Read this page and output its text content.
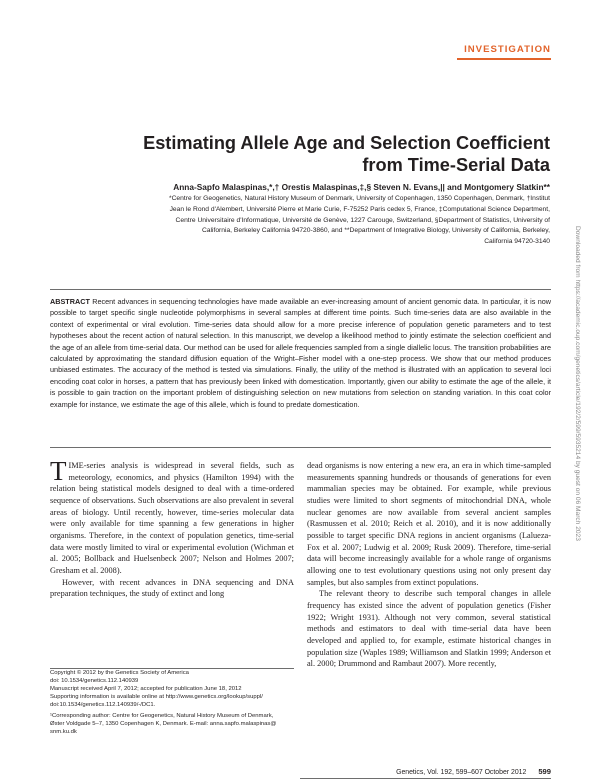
INVESTIGATION
Estimating Allele Age and Selection Coefficient
from Time-Serial Data
Anna-Sapfo Malaspinas,*,† Orestis Malaspinas,‡,§ Steven N. Evans,|| and Montgomery Slatkin**
*Centre for Geogenetics, Natural History Museum of Denmark, University of Copenhagen, 1350 Copenhagen, Denmark, †Institut
Jean le Rond d'Alembert, Université Pierre et Marie Curie, F-75252 Paris cedex 5, France, ‡Computational Science Department,
Centre Universitaire d'Informatique, Université de Genève, 1227 Carouge, Switzerland, §Department of Statistics, University of
California, Berkeley California 94720-3860, and **Department of Integrative Biology, University of California, Berkeley,
California 94720-3140	Downloaded from https://academic.oup.com/genetics/article/192/2/599/5935214 by guest on 06 March 2023

ABSTRACT Recent advances in sequencing technologies have made available an ever-increasing amount of ancient genomic data. In particular, it is now possible to target specific single nucleotide polymorphisms in several samples at different time points. Such time-series data are also available in the context of experimental or viral evolution. Time-series data should allow for a more precise inference of population genetic parameters and to test hypotheses about the recent action of natural selection. In this manuscript, we develop a likelihood method to jointly estimate the selection coefficient and the age of an allele from time-serial data. Our method can be used for allele frequencies sampled from a single diallelic locus. The transition probabilities are calculated by approximating the standard diffusion equation of the Wright–Fisher model with a one-step process. We show that our method produces unbiased estimates. The accuracy of the method is tested via simulations. Finally, the utility of the method is illustrated with an application to several loci encoding coat color in horses, a pattern that has previously been linked with domestication. Importantly, given our ability to estimate the age of the allele, it is possible to gain traction on the important problem of distinguishing selection on new mutations from selection on standing variation. In this coat color example for instance, we estimate the age of this allele, which is found to predate domestication.

TIME-series analysis is widespread in several fields, such as meteorology, economics, and physics (Hamilton 1994) with the relation being statistical models designed to deal with a time-ordered sequence of observations. Such observations are also prevalent in several areas of biology. Until recently, however, time-series molecular data were only available for time spanning a few generations in higher organisms. Therefore, in the context of population genetics, time-serial data were mostly limited to viral or experimental evolution (Wichman et al. 2005; Bollback and Huelsenbeck 2007; Nelson and Holmes 2007; Gresham et al. 2008).

However, with recent advances in DNA sequencing and DNA preparation techniques, the study of extinct and long

dead organisms is now entering a new era, an era in which time-sampled measurements spanning hundreds or thousands of generations for even mammalian species may be obtained. For example, while previous studies were limited to short segments of mitochondrial DNA, whole nuclear genomes are now available from several ancient samples (Rasmussen et al. 2010; Reich et al. 2010), and it is now additionally possible to target specific DNA regions in ancient organisms (Lalueza-Fox et al. 2007; Ludwig et al. 2009; Rusk 2009). Therefore, time-serial data will become increasingly available for a whole range of organisms allowing one to test evolutionary questions using not only present day samples, but also samples from extinct populations.

The relevant theory to describe such temporal changes in allele frequency has existed since the advent of population genetics (Fisher 1922; Wright 1931). Although not very common, several statistical methods and estimators to deal with time-serial data have been developed and applied to, for example, estimate historical changes in population size (Waples 1989; Williamson and Slatkin 1999; Anderson et al. 2000; Drummond and Rambaut 2007). More recently,

Copyright © 2012 by the Genetics Society of America
doi: 10.1534/genetics.112.140939
Manuscript received April 7, 2012; accepted for publication June 18, 2012
Supporting information is available online at http://www.genetics.org/lookup/suppl/
doi:10.1534/genetics.112.140939/-/DC1.
¹Corresponding author: Centre for Geogenetics, Natural History Museum of Denmark,
Øster Voldgade 5–7, 1350 Copenhagen K, Denmark. E-mail: anna.sapfo.malaspinas@
snm.ku.dk
Genetics, Vol. 192, 599–607 October 2012 599
